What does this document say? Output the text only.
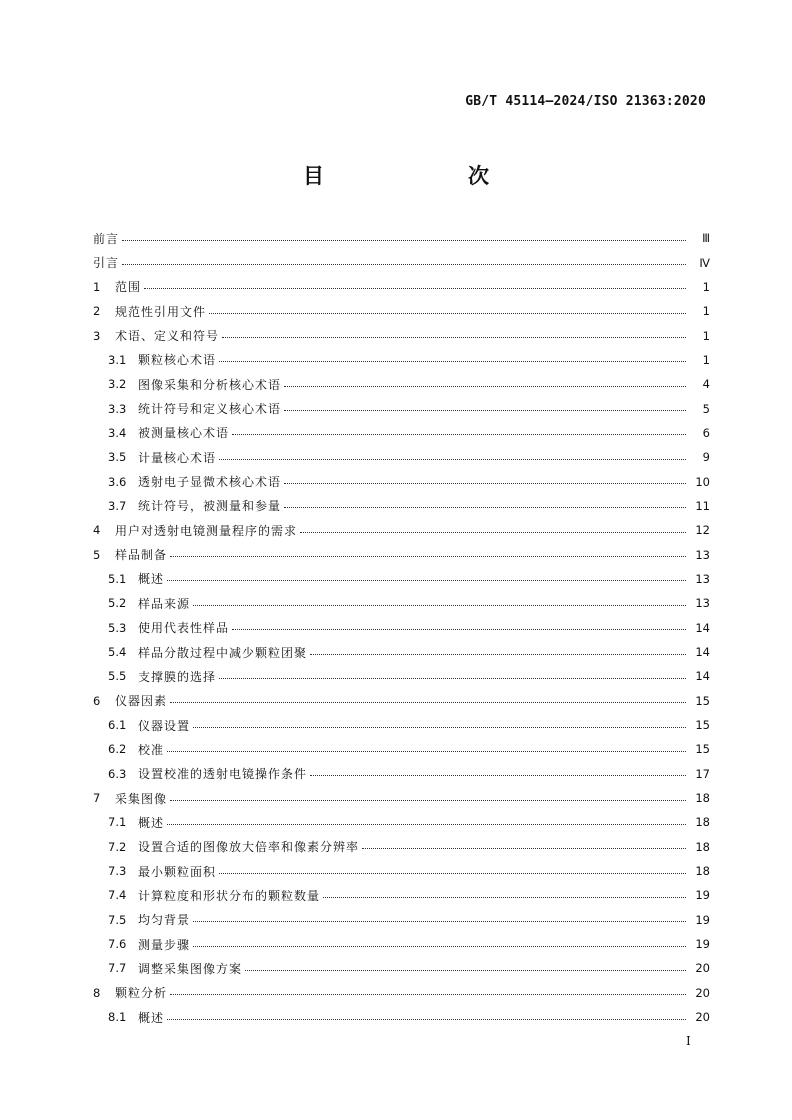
GB/T 45114—2024/ISO 21363:2020
目　　次
前言	Ⅲ
引言	Ⅳ
1	范围	1
2	规范性引用文件	1
3	术语、定义和符号	1
3.1 颗粒核心术语	1
3.2 图像采集和分析核心术语	4
3.3 统计符号和定义核心术语	5
3.4 被测量核心术语	6
3.5 计量核心术语	9
3.6 透射电子显微术核心术语	10
3.7 统计符号，被测量和参量	11
4	用户对透射电镜测量程序的需求	12
5	样品制备	13
5.1 概述	13
5.2 样品来源	13
5.3 使用代表性样品	14
5.4 样品分散过程中减少颗粒团聚	14
5.5 支撑膜的选择	14
6	仪器因素	15
6.1 仪器设置	15
6.2 校准	15
6.3 设置校准的透射电镜操作条件	17
7	采集图像	18
7.1 概述	18
7.2 设置合适的图像放大倍率和像素分辨率	18
7.3 最小颗粒面积	18
7.4 计算粒度和形状分布的颗粒数量	19
7.5 均匀背景	19
7.6 测量步骤	19
7.7 调整采集图像方案	20
8	颗粒分析	20
8.1 概述	20
I
